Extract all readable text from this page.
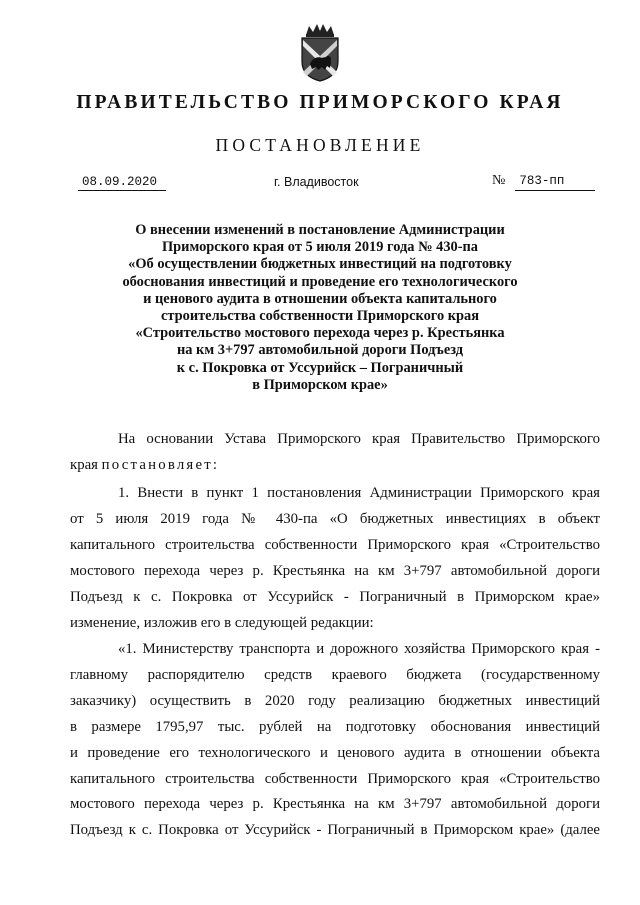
ПРАВИТЕЛЬСТВО ПРИМОРСКОГО КРАЯ
ПОСТАНОВЛЕНИЕ
08.09.2020	г. Владивосток	№ 783-пп
О внесении изменений в постановление Администрации
Приморского края от 5 июля 2019 года № 430-па
«Об осуществлении бюджетных инвестиций на подготовку
обоснования инвестиций и проведение его технологического
и ценового аудита в отношении объекта капитального
строительства собственности Приморского края
«Строительство мостового перехода через р. Крестьянка
на км 3+797 автомобильной дороги Подъезд
к с. Покровка от Уссурийск – Пограничный
в Приморском крае»
На основании Устава Приморского края Правительство Приморского
края постановляет:
1. Внести в пункт 1 постановления Администрации Приморского края
от 5 июля 2019 года № 430-па «О бюджетных инвестициях в объект
капитального строительства собственности Приморского края «Строительство
мостового перехода через р. Крестьянка на км 3+797 автомобильной дороги
Подъезд к с. Покровка от Уссурийск - Пограничный в Приморском крае»
изменение, изложив его в следующей редакции:
«1. Министерству транспорта и дорожного хозяйства Приморского края -
главному распорядителю средств краевого бюджета (государственному
заказчику) осуществить в 2020 году реализацию бюджетных инвестиций
в размере 1795,97 тыс. рублей на подготовку обоснования инвестиций
и проведение его технологического и ценового аудита в отношении объекта
капитального строительства собственности Приморского края «Строительство
мостового перехода через р. Крестьянка на км 3+797 автомобильной дороги
Подъезд к с. Покровка от Уссурийск - Пограничный в Приморском крае» (далее
